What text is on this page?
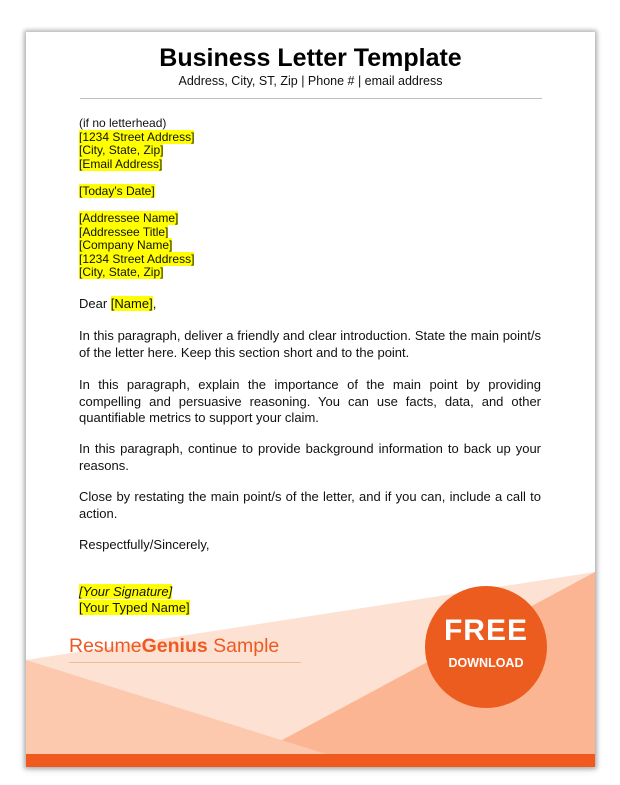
Business Letter Template

Address, City, ST, Zip | Phone # | email address

(if no letterhead)
[1234 Street Address]
[City, State, Zip]
[Email Address]
[Today's Date]
[Addressee Name]
[Addressee Title]
[Company Name]
[1234 Street Address]
[City, State, Zip]
Dear [Name],

In this paragraph, deliver a friendly and clear introduction. State the main point/s of the letter here. Keep this section short and to the point.

In this paragraph, explain the importance of the main point by providing compelling and persuasive reasoning. You can use facts, data, and other quantifiable metrics to support your claim.

In this paragraph, continue to provide background information to back up your reasons.

Close by restating the main point/s of the letter, and if you can, include a call to action.

Respectfully/Sincerely,

[Your Signature]
[Your Typed Name]
ResumeGenius Sample	FREE
DOWNLOAD
